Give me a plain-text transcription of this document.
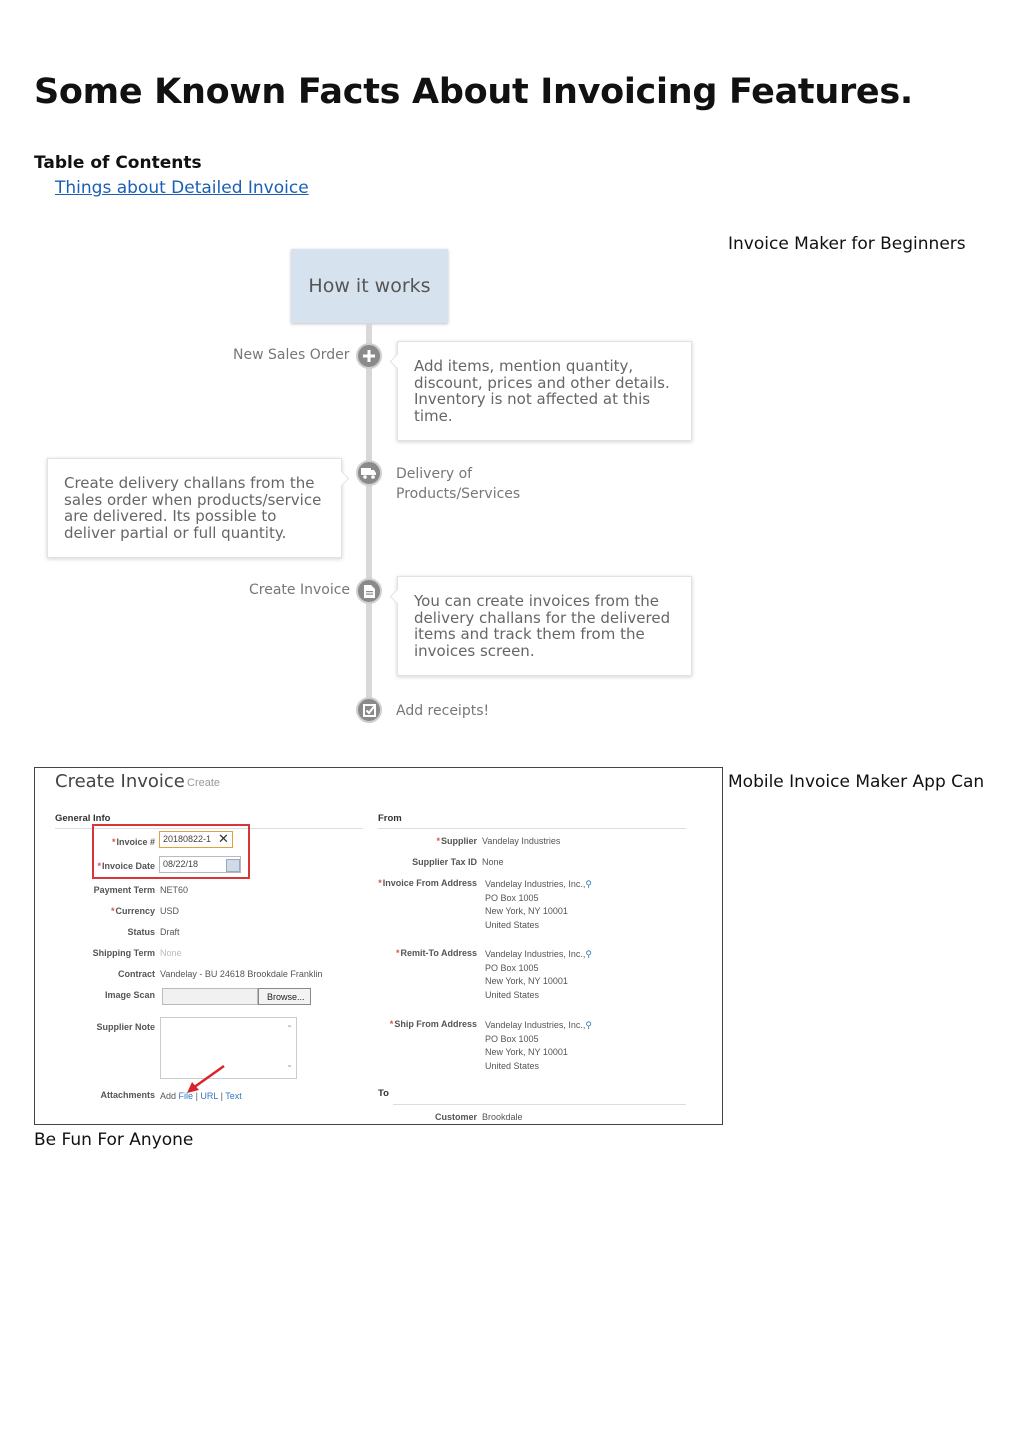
Some Known Facts About Invoicing Features.
Table of Contents
Things about Detailed Invoice
Invoice Maker for Beginners
How it works
New Sales Order
Add items, mention quantity, discount, prices and other details. Inventory is not affected at this time.
Create delivery challans from the sales order when products/service are delivered. Its possible to deliver partial or full quantity.
Delivery of Products/Services
Create Invoice
You can create invoices from the delivery challans for the delivered items and track them from the invoices screen.
Add receipts!
Mobile Invoice Maker App Can
Create Invoice Create
General Info
* Invoice # 20180822-1 ✕
* Invoice Date 08/22/18
Payment Term NET60
* Currency USD
Status Draft
Shipping Term None
Contract Vandelay - BU 24618 Brookdale Franklin
Image Scan	Browse...
Supplier Note	⌃
⌄
Attachments Add File | URL | Text
From
* Supplier Vandelay Industries
Supplier Tax ID None
* Invoice From Address Vandelay Industries, Inc.,⚲
PO Box 1005
New York, NY 10001
United States
* Remit-To Address Vandelay Industries, Inc.,⚲
PO Box 1005
New York, NY 10001
United States
* Ship From Address Vandelay Industries, Inc.,⚲
PO Box 1005
New York, NY 10001
United States
To
Customer Brookdale
Be Fun For Anyone
